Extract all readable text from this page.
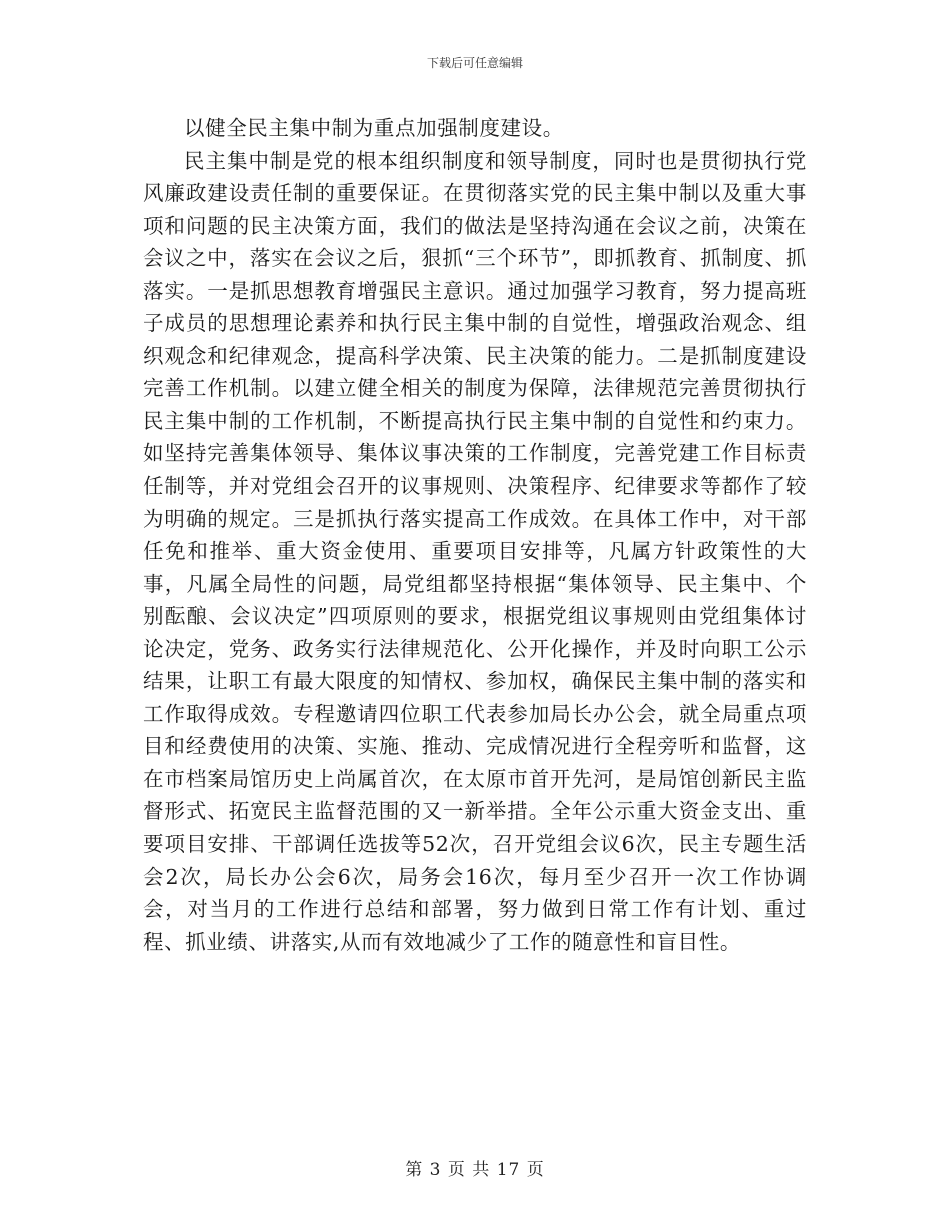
下载后可任意编辑

以健全民主集中制为重点加强制度建设。

民主集中制是党的根本组织制度和领导制度，同时也是贯彻执行党风廉政建设责任制的重要保证。在贯彻落实党的民主集中制以及重大事项和问题的民主决策方面，我们的做法是坚持沟通在会议之前，决策在会议之中，落实在会议之后，狠抓“三个环节”，即抓教育、抓制度、抓落实。一是抓思想教育增强民主意识。通过加强学习教育，努力提高班子成员的思想理论素养和执行民主集中制的自觉性，增强政治观念、组织观念和纪律观念，提高科学决策、民主决策的能力。二是抓制度建设完善工作机制。以建立健全相关的制度为保障，法律规范完善贯彻执行民主集中制的工作机制，不断提高执行民主集中制的自觉性和约束力。如坚持完善集体领导、集体议事决策的工作制度，完善党建工作目标责任制等，并对党组会召开的议事规则、决策程序、纪律要求等都作了较为明确的规定。三是抓执行落实提高工作成效。在具体工作中，对干部任免和推举、重大资金使用、重要项目安排等，凡属方针政策性的大事，凡属全局性的问题，局党组都坚持根据“集体领导、民主集中、个别酝酿、会议决定”四项原则的要求，根据党组议事规则由党组集体讨论决定，党务、政务实行法律规范化、公开化操作，并及时向职工公示结果，让职工有最大限度的知情权、参加权，确保民主集中制的落实和工作取得成效。专程邀请四位职工代表参加局长办公会，就全局重点项目和经费使用的决策、实施、推动、完成情况进行全程旁听和监督，这在市档案局馆历史上尚属首次，在太原市首开先河，是局馆创新民主监督形式、拓宽民主监督范围的又一新举措。全年公示重大资金支出、重要项目安排、干部调任选拔等52次，召开党组会议6次，民主专题生活会2次，局长办公会6次，局务会16次，每月至少召开一次工作协调会，对当月的工作进行总结和部署，努力做到日常工作有计划、重过程、抓业绩、讲落实,从而有效地减少了工作的随意性和盲目性。

第 3 页 共 17 页
